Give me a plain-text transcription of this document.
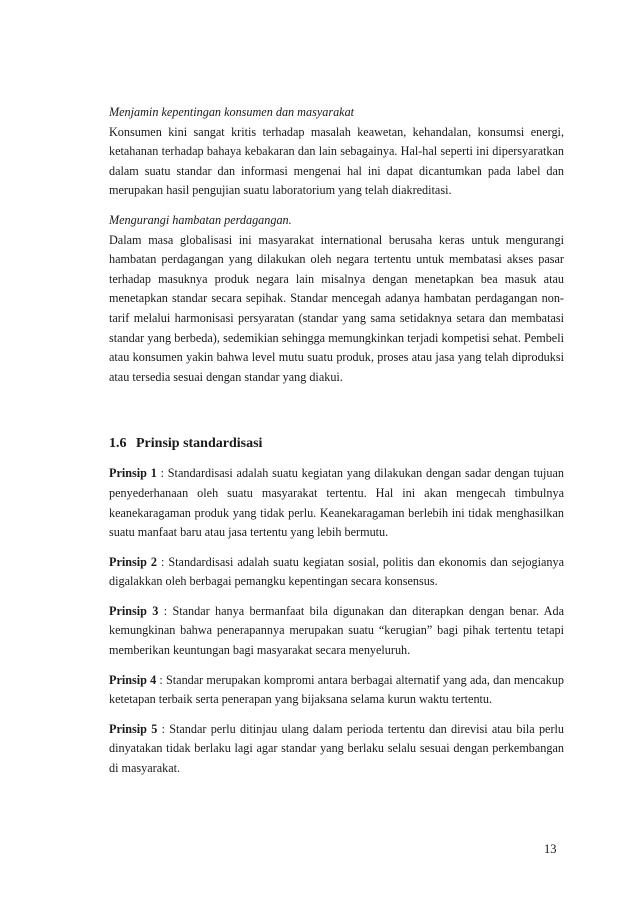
Menjamin kepentingan konsumen dan masyarakat

Konsumen kini sangat kritis terhadap masalah keawetan, kehandalan, konsumsi energi, ketahanan terhadap bahaya kebakaran dan lain sebagainya. Hal-hal seperti ini dipersyaratkan dalam suatu standar dan informasi mengenai hal ini dapat dicantumkan pada label dan merupakan hasil pengujian suatu laboratorium yang telah diakreditasi.

Mengurangi hambatan perdagangan.

Dalam masa globalisasi ini masyarakat international berusaha keras untuk mengurangi hambatan perdagangan yang dilakukan oleh negara tertentu untuk membatasi akses pasar terhadap masuknya produk negara lain misalnya dengan menetapkan bea masuk atau menetapkan standar secara sepihak. Standar mencegah adanya hambatan perdagangan non-tarif melalui harmonisasi persyaratan (standar yang sama setidaknya setara dan membatasi standar yang berbeda), sedemikian sehingga memungkinkan terjadi kompetisi sehat. Pembeli atau konsumen yakin bahwa level mutu suatu produk, proses atau jasa yang telah diproduksi atau tersedia sesuai dengan standar yang diakui.

1.6 Prinsip standardisasi

Prinsip 1 : Standardisasi adalah suatu kegiatan yang dilakukan dengan sadar dengan tujuan penyederhanaan oleh suatu masyarakat tertentu. Hal ini akan mengecah timbulnya keanekaragaman produk yang tidak perlu. Keanekaragaman berlebih ini tidak menghasilkan suatu manfaat baru atau jasa tertentu yang lebih bermutu.

Prinsip 2 : Standardisasi adalah suatu kegiatan sosial, politis dan ekonomis dan sejogianya digalakkan oleh berbagai pemangku kepentingan secara konsensus.

Prinsip 3 : Standar hanya bermanfaat bila digunakan dan diterapkan dengan benar. Ada kemungkinan bahwa penerapannya merupakan suatu “kerugian” bagi pihak tertentu tetapi memberikan keuntungan bagi masyarakat secara menyeluruh.

Prinsip 4 : Standar merupakan kompromi antara berbagai alternatif yang ada, dan mencakup ketetapan terbaik serta penerapan yang bijaksana selama kurun waktu tertentu.

Prinsip 5 : Standar perlu ditinjau ulang dalam perioda tertentu dan direvisi atau bila perlu dinyatakan tidak berlaku lagi agar standar yang berlaku selalu sesuai dengan perkembangan di masyarakat.

13
